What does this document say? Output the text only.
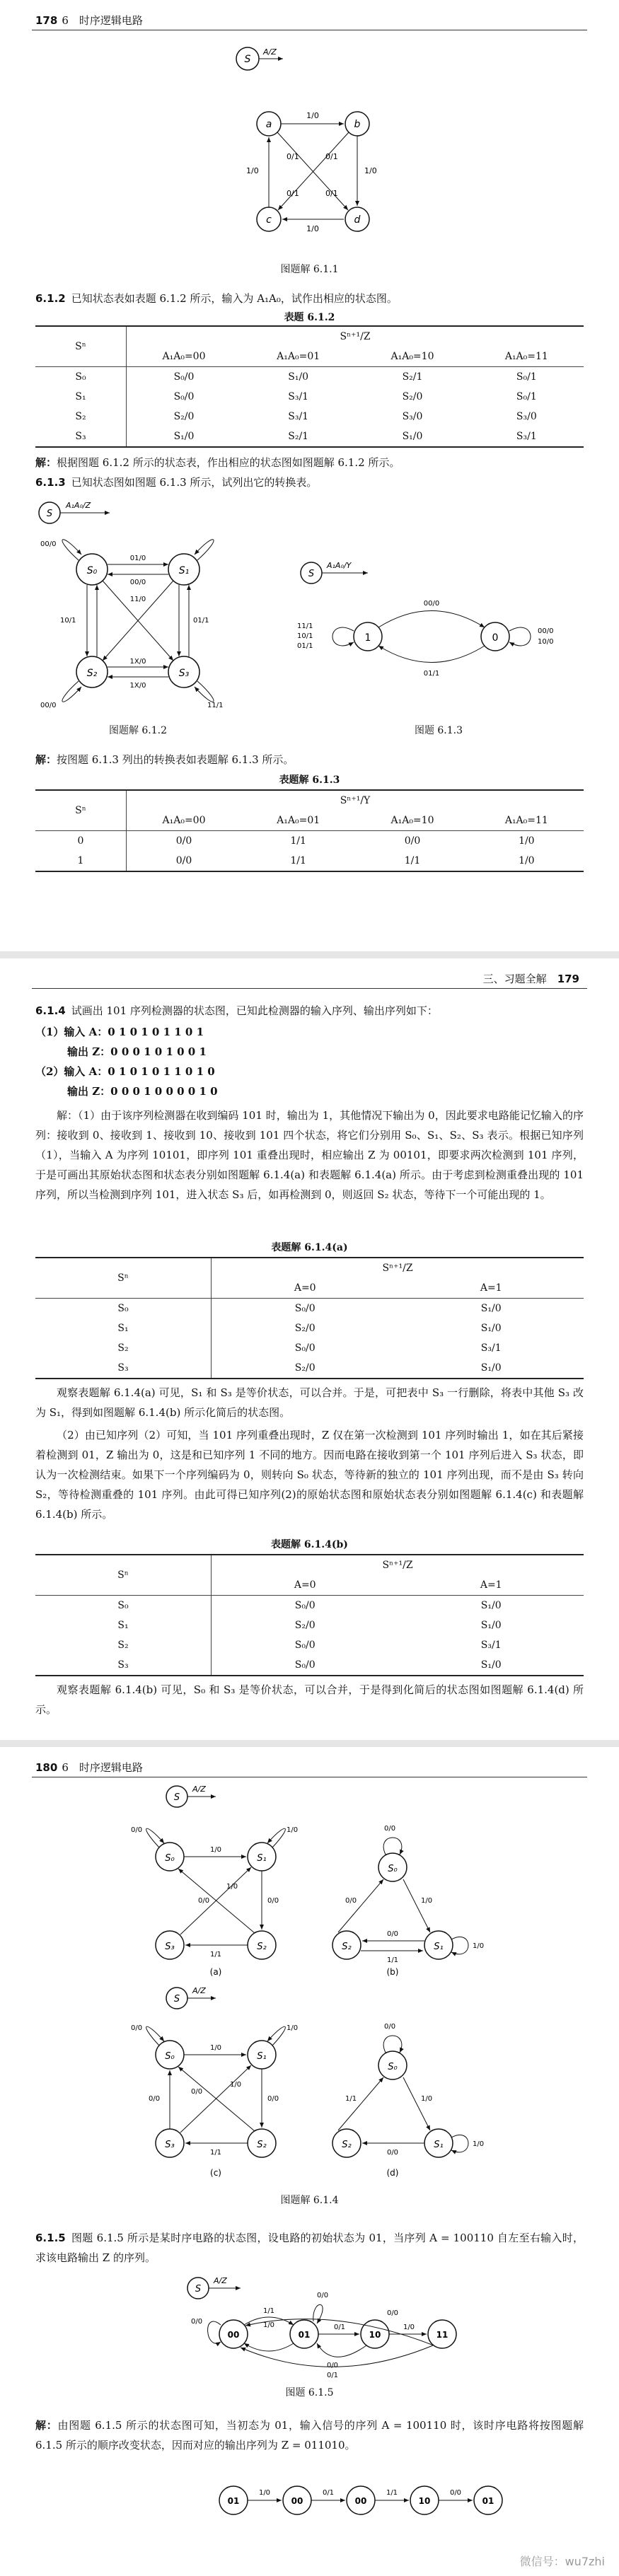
178 6　时序逻辑电路
S
A/Z
a	b
c	d
1/0
1/0
1/0
1/0
0/1	0/1
0/1	0/1
图题解 6.1.1
6.1.2 已知状态表如表题 6.1.2 所示，输入为 A₁A₀，试作出相应的状态图。
表题 6.1.2
Sⁿ	Sⁿ⁺¹/Z			
	A₁A₀=00	A₁A₀=01	A₁A₀=10	A₁A₀=11
S₀	S₀/0	S₁/0	S₂/1	S₀/1
S₁	S₀/0	S₃/1	S₂/0	S₀/1
S₂	S₂/0	S₃/1	S₃/0	S₃/0
S₃	S₁/0	S₂/1	S₁/0	S₃/1
解：根据图题 6.1.2 所示的状态表，作出相应的状态图如图题解 6.1.2 所示。
6.1.3 已知状态图如图题 6.1.3 所示，试列出它的转换表。
S
A₁A₀/Z
S₀	S₁
S₂	S₃
00/0
00/0	11/1
01/0
00/0
10/1	01/1
1X/0
1X/0
11/0
图题解 6.1.2
S
A₁A₀/Y
1	0
00/0
01/1
11/1
10/1
01/1
00/0
10/0
图题 6.1.3
解：按图题 6.1.3 列出的转换表如表题解 6.1.3 所示。
表题解 6.1.3
Sⁿ	Sⁿ⁺¹/Y			
	A₁A₀=00	A₁A₀=01	A₁A₀=10	A₁A₀=11
0	0/0	1/1	0/0	1/0
1	0/0	1/1	1/1	1/0
三、习题全解　 179
6.1.4 试画出 101 序列检测器的状态图，已知此检测器的输入序列、输出序列如下：
（1）输入 A：0 1 0 1 0 1 1 0 1
　　　输出 Z：0 0 0 1 0 1 0 0 1
（2）输入 A：0 1 0 1 0 1 1 0 1 0
　　　输出 Z：0 0 0 1 0 0 0 0 1 0
解：（1）由于该序列检测器在收到编码 101 时，输出为 1，其他情况下输出为 0，因此要求电路能记忆输入的序列：接收到 0、接收到 1、接收到 10、接收到 101 四个状态，将它们分别用 S₀、S₁、S₂、S₃ 表示。根据已知序列（1），当输入 A 为序列 10101，即序列 101 重叠出现时，相应输出 Z 为 00101，即要求两次检测到 101 序列，于是可画出其原始状态图和状态表分别如图题解 6.1.4(a) 和表题解 6.1.4(a) 所示。由于考虑到检测重叠出现的 101 序列，所以当检测到序列 101，进入状态 S₃ 后，如再检测到 0，则返回 S₂ 状态，等待下一个可能出现的 1。
表题解 6.1.4(a)
Sⁿ	Sⁿ⁺¹/Z	
	A=0	A=1
S₀	S₀/0	S₁/0
S₁	S₂/0	S₁/0
S₂	S₀/0	S₃/1
S₃	S₂/0	S₁/0
观察表题解 6.1.4(a) 可见，S₁ 和 S₃ 是等价状态，可以合并。于是，可把表中 S₃ 一行删除，将表中其他 S₃ 改为 S₁，得到如图题解 6.1.4(b) 所示化简后的状态图。
（2）由已知序列（2）可知，当 101 序列重叠出现时，Z 仅在第一次检测到 101 序列时输出 1，如在其后紧接着检测到 01，Z 输出为 0，这是和已知序列 1 不同的地方。因而电路在接收到第一个 101 序列后进入 S₃ 状态，即认为一次检测结束。如果下一个序列编码为 0，则转向 S₀ 状态，等待新的独立的 101 序列出现，而不是由 S₃ 转向 S₂，等待检测重叠的 101 序列。由此可得已知序列(2)的原始状态图和原始状态表分别如图题解 6.1.4(c) 和表题解 6.1.4(b) 所示。
表题解 6.1.4(b)
Sⁿ	Sⁿ⁺¹/Z	
	A=0	A=1
S₀	S₀/0	S₁/0
S₁	S₂/0	S₁/0
S₂	S₀/0	S₃/1
S₃	S₀/0	S₁/0
观察表题解 6.1.4(b) 可见，S₀ 和 S₃ 是等价状态，可以合并，于是得到化简后的状态图如图题解 6.1.4(d) 所示。
180 6　时序逻辑电路
S
A/Z
S₀	S₁
S₃	S₂
1/0
0/0
1/1
0/0
1/0
0/0	1/0
(a)
S₀
S₂	S₁
0/0
1/0
0/0
0/0
1/1
1/0
(b)
S
A/Z
S₀	S₁
S₃	S₂
1/0
0/0
1/1
0/0
0/0
1/0
0/0	1/0
(c)
S₀
S₂	S₁
0/0
1/0
1/1
0/0
1/0
(d)
图题解 6.1.4
6.1.5 图题 6.1.5 所示是某时序电路的状态图，设电路的初始状态为 01，当序列 A = 100110 自左至右输入时，求该电路输出 Z 的序列。
S
A/Z
00	01	10	11
1/1
1/0	0/1	1/0
0/0
0/1
0/0
0/0
0/0
图题 6.1.5
解：由图题 6.1.5 所示的状态图可知，当初态为 01，输入信号的序列 A = 100110 时，该时序电路将按图题解 6.1.5 所示的顺序改变状态，因而对应的输出序列为 Z = 011010。
01
1/0
00
0/1
00
1/1
10
0/0
01
微信号：wu7zhi
